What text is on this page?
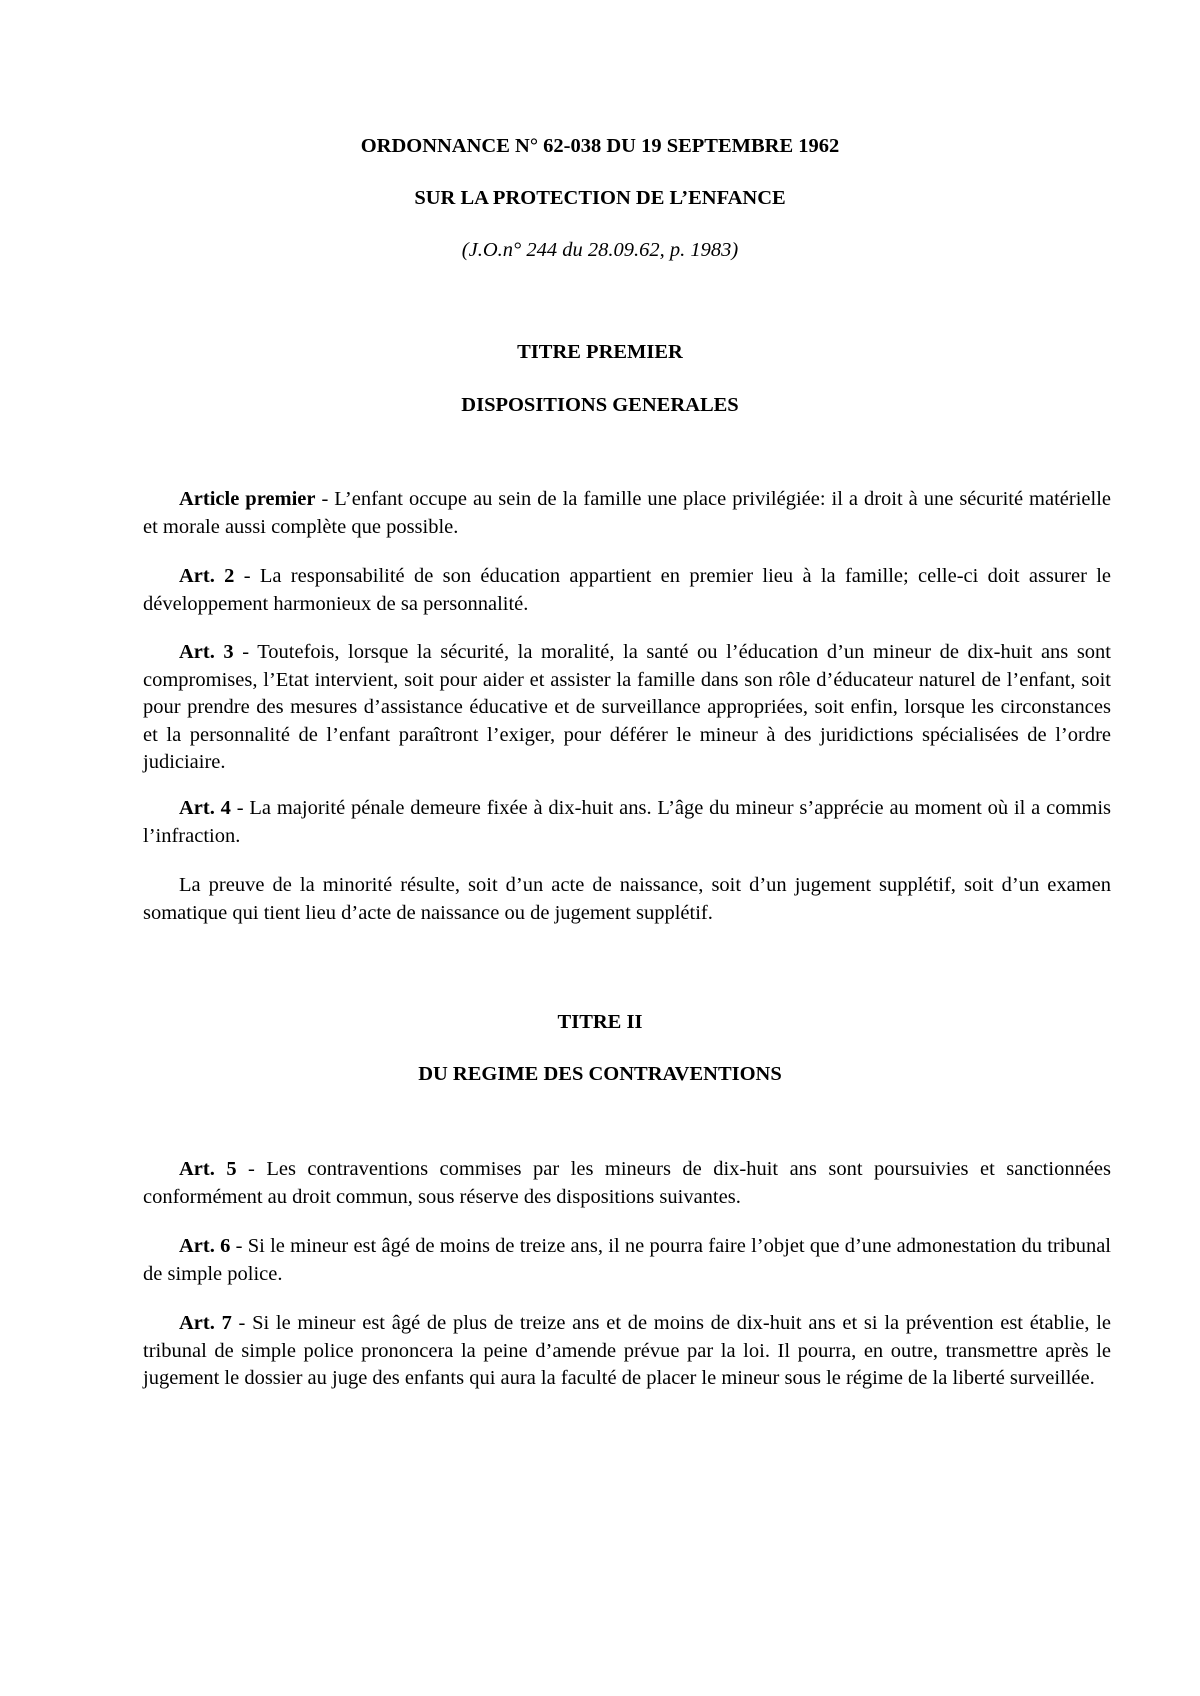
ORDONNANCE N° 62-038 DU 19 SEPTEMBRE 1962
SUR LA PROTECTION DE L’ENFANCE
(J.O.n° 244 du 28.09.62, p. 1983)
TITRE PREMIER
DISPOSITIONS GENERALES

Article premier - L’enfant occupe au sein de la famille une place privilégiée: il a droit à une sécurité matérielle et morale aussi complète que possible.

Art. 2 - La responsabilité de son éducation appartient en premier lieu à la famille; celle-ci doit assurer le développement harmonieux de sa personnalité.

Art. 3 - Toutefois, lorsque la sécurité, la moralité, la santé ou l’éducation d’un mineur de dix-huit ans sont compromises, l’Etat intervient, soit pour aider et assister la famille dans son rôle d’éducateur naturel de l’enfant, soit pour prendre des mesures d’assistance éducative et de surveillance appropriées, soit enfin, lorsque les circonstances et la personnalité de l’enfant paraîtront l’exiger, pour déférer le mineur à des juridictions spécialisées de l’ordre judiciaire.

Art. 4 - La majorité pénale demeure fixée à dix-huit ans. L’âge du mineur s’apprécie au moment où il a commis l’infraction.

La preuve de la minorité résulte, soit d’un acte de naissance, soit d’un jugement supplétif, soit d’un examen somatique qui tient lieu d’acte de naissance ou de jugement supplétif.

TITRE II
DU REGIME DES CONTRAVENTIONS

Art. 5 - Les contraventions commises par les mineurs de dix-huit ans sont poursuivies et sanctionnées conformément au droit commun, sous réserve des dispositions suivantes.

Art. 6 - Si le mineur est âgé de moins de treize ans, il ne pourra faire l’objet que d’une admonestation du tribunal de simple police.

Art. 7 - Si le mineur est âgé de plus de treize ans et de moins de dix-huit ans et si la prévention est établie, le tribunal de simple police prononcera la peine d’amende prévue par la loi. Il pourra, en outre, transmettre après le jugement le dossier au juge des enfants qui aura la faculté de placer le mineur sous le régime de la liberté surveillée.
